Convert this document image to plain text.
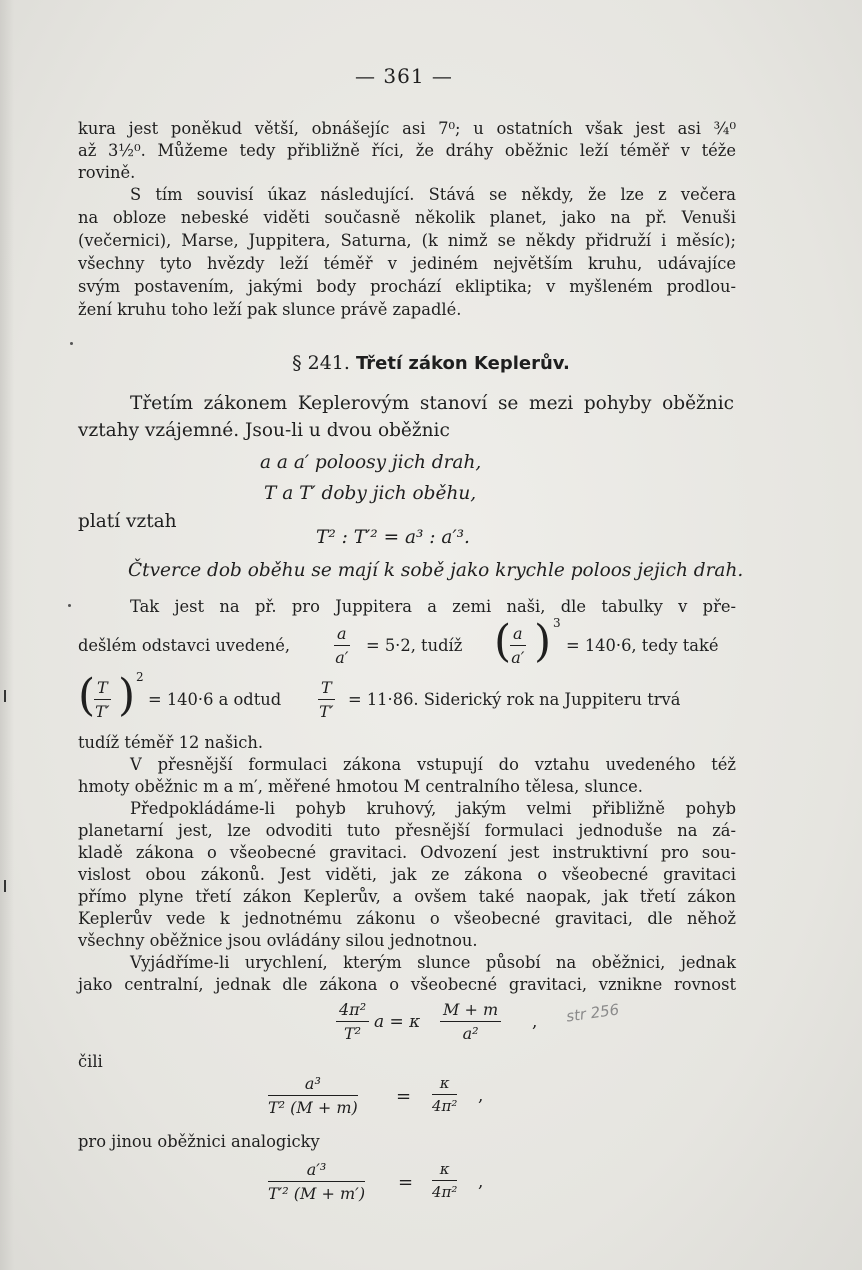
— 361 —
kura jest poněkud větší, obnášejíc asi 7⁰; u ostatních však jest asi ¾⁰
až 3½⁰. Můžeme tedy přibližně říci, že dráhy oběžnic leží téměř v téže
rovině.
S tím souvisí úkaz následující. Stává se někdy, že lze z večera
na obloze nebeské viděti současně několik planet, jako na př. Venuši
(večernici), Marse, Juppitera, Saturna, (k nimž se někdy přidruží i měsíc);
všechny tyto hvězdy leží téměř v jediném největším kruhu, udávajíce
svým postavením, jakými body prochází ekliptika; v myšleném prodlou-
žení kruhu toho leží pak slunce právě zapadlé.
§ 241. Třetí zákon Keplerův.
Třetím zákonem Keplerovým stanoví se mezi pohyby oběžnic
vztahy vzájemné. Jsou-li u dvou oběžnic
a a a′ poloosy jich drah,
T a T′ doby jich oběhu,
platí vztah
T² : T′² = a³ : a′³.
Čtverce dob oběhu se mají k sobě jako krychle poloos jejich drah.
Tak jest na př. pro Juppitera a zemi naši, dle tabulky v pře-
dešlém odstavci uvedené,	$\frac{a}{a'} = 5\cdot 2$, tudíž (
$\frac{a}{a'}$ ) 3
= 140·6, tedy také
(
$\frac{T}{T'}$ ) 2
= 140·6 a odtud $\frac{T}{T'} = 11\cdot 86$. Siderický rok na Juppiteru trvá
tudíž téměř 12 našich.
V přesnější formulaci zákona vstupují do vztahu uvedeného též
hmoty oběžnic m a m′, měřené hmotou M centralního tělesa, slunce.
Předpokládáme-li pohyb kruhový, jakým velmi přibližně pohyb
planetarní jest, lze odvoditi tuto přesnější formulaci jednoduše na zá-
kladě zákona o všeobecné gravitaci. Odvození jest instruktivní pro sou-
vislost obou zákonů. Jest viděti, jak ze zákona o všeobecné gravitaci
přímo plyne třetí zákon Keplerův, a ovšem také naopak, jak třetí zákon
Keplerův vede k jednotnému zákonu o všeobecné gravitaci, dle něhož
všechny oběžnice jsou ovládány silou jednotnou.
Vyjádříme-li urychlení, kterým slunce působí na oběžnici, jednak
jako centralní, jednak dle zákona o všeobecné gravitaci, vznikne rovnost
$\frac{\text{4π²}}{\text{T²}}$ a = κ $\frac{M + m}{\text{a²}}$ , str 256
čili
$\frac{\text{a³}}{\text{T² (M + m)}} = \frac{\kappa}{\text{4π²}}$ ,
pro jinou oběžnici analogicky
$\frac{\text{a′³}}{\text{T′² (M + m′)}} = \frac{\kappa}{\text{4π²}}$ ,
